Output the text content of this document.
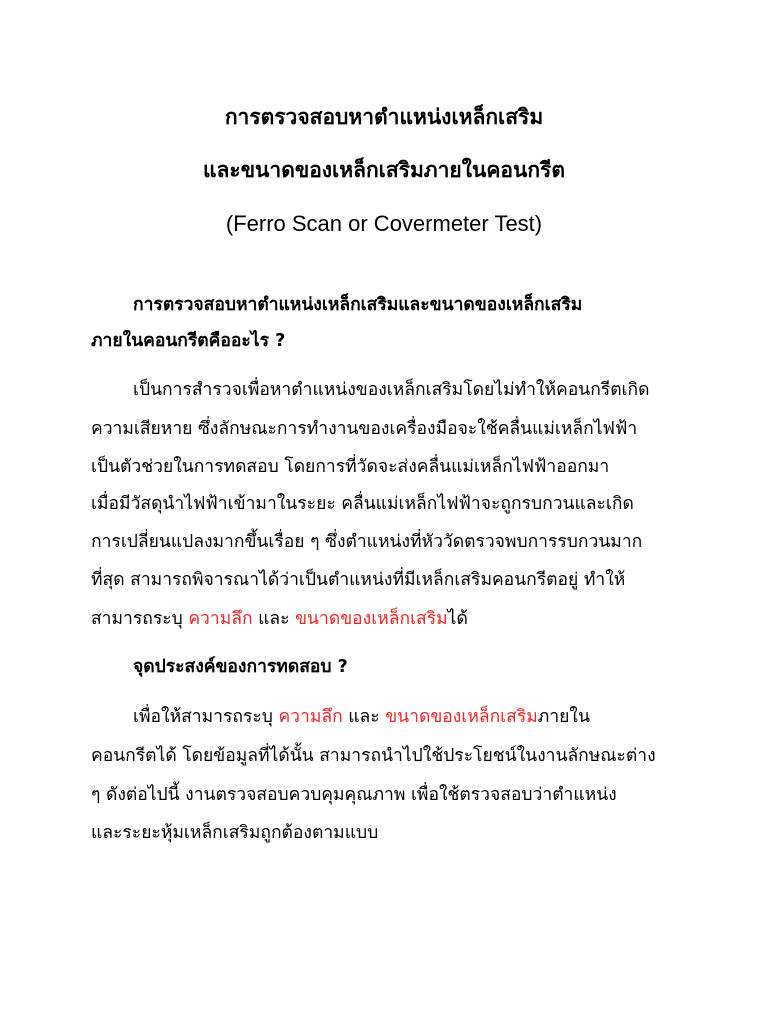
การตรวจสอบหาตำแหน่งเหล็กเสริม
และขนาดของเหล็กเสริมภายในคอนกรีต
(Ferro Scan or Covermeter Test)
การตรวจสอบหาตำแหน่งเหล็กเสริมและขนาดของเหล็กเสริม
ภายในคอนกรีตคืออะไร ?
เป็นการสำรวจเพื่อหาตำแหน่งของเหล็กเสริมโดยไม่ทำให้คอนกรีตเกิด
ความเสียหาย ซึ่งลักษณะการทำงานของเครื่องมือจะใช้คลื่นแม่เหล็กไฟฟ้า
เป็นตัวช่วยในการทดสอบ โดยการที่วัดจะส่งคลื่นแม่เหล็กไฟฟ้าออกมา
เมื่อมีวัสดุนำไฟฟ้าเข้ามาในระยะ คลื่นแม่เหล็กไฟฟ้าจะถูกรบกวนและเกิด
การเปลี่ยนแปลงมากขึ้นเรื่อย ๆ ซึ่งตำแหน่งที่หัววัดตรวจพบการรบกวนมาก
ที่สุด สามารถพิจารณาได้ว่าเป็นตำแหน่งที่มีเหล็กเสริมคอนกรีตอยู่ ทำให้
สามารถระบุ ความลึก และ ขนาดของเหล็กเสริมได้
จุดประสงค์ของการทดสอบ ?
เพื่อให้สามารถระบุ ความลึก และ ขนาดของเหล็กเสริมภายใน
คอนกรีตได้ โดยข้อมูลที่ได้นั้น สามารถนำไปใช้ประโยชน์ในงานลักษณะต่าง
ๆ ดังต่อไปนี้ งานตรวจสอบควบคุมคุณภาพ เพื่อใช้ตรวจสอบว่าตำแหน่ง
และระยะหุ้มเหล็กเสริมถูกต้องตามแบบ
